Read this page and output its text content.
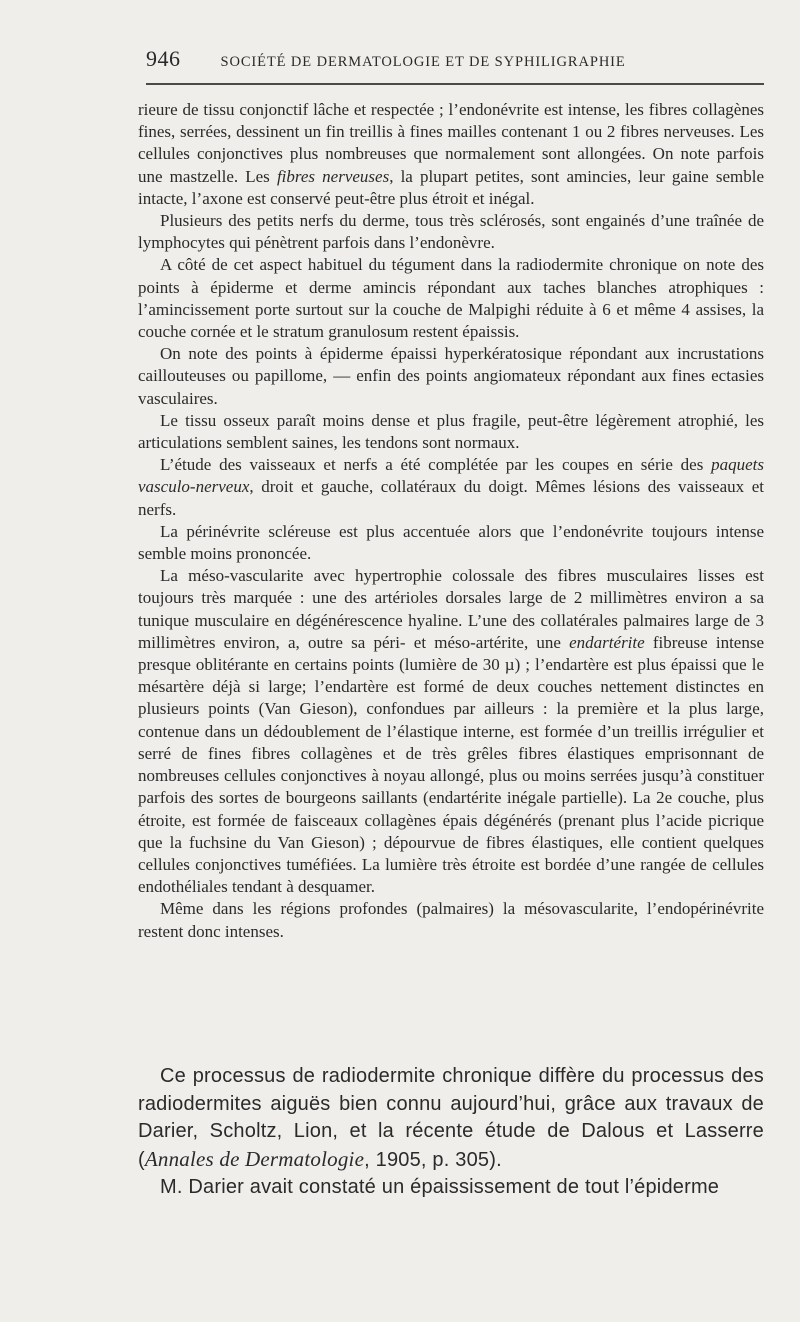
946	SOCIÉTÉ DE DERMATOLOGIE ET DE SYPHILIGRAPHIE

rieure de tissu conjonctif lâche et respectée ; l’endonévrite est intense, les fibres collagènes fines, serrées, dessinent un fin treillis à fines mailles contenant 1 ou 2 fibres nerveuses. Les cellules conjonctives plus nombreuses que normalement sont allongées. On note parfois une mastzelle. Les fibres nerveuses, la plupart petites, sont amincies, leur gaine semble intacte, l’axone est conservé peut-être plus étroit et inégal.

Plusieurs des petits nerfs du derme, tous très sclérosés, sont engainés d’une traînée de lymphocytes qui pénètrent parfois dans l’endonèvre.

A côté de cet aspect habituel du tégument dans la radiodermite chronique on note des points à épiderme et derme amincis répondant aux taches blanches atrophiques : l’amincissement porte surtout sur la couche de Malpighi réduite à 6 et même 4 assises, la couche cornée et le stratum granulosum restent épaissis.

On note des points à épiderme épaissi hyperkératosique répondant aux incrustations caillouteuses ou papillome, — enfin des points angiomateux répondant aux fines ectasies vasculaires.

Le tissu osseux paraît moins dense et plus fragile, peut-être légèrement atrophié, les articulations semblent saines, les tendons sont normaux.

L’étude des vaisseaux et nerfs a été complétée par les coupes en série des paquets vasculo-nerveux, droit et gauche, collatéraux du doigt. Mêmes lésions des vaisseaux et nerfs.

La périnévrite scléreuse est plus accentuée alors que l’endonévrite toujours intense semble moins prononcée.

La méso-vascularite avec hypertrophie colossale des fibres musculaires lisses est toujours très marquée : une des artérioles dorsales large de 2 millimètres environ a sa tunique musculaire en dégénérescence hyaline. L’une des collatérales palmaires large de 3 millimètres environ, a, outre sa péri- et méso-artérite, une endartérite fibreuse intense presque oblitérante en certains points (lumière de 30 µ) ; l’endartère est plus épaissi que le mésartère déjà si large; l’endartère est formé de deux couches nettement distinctes en plusieurs points (Van Gieson), confondues par ailleurs : la première et la plus large, contenue dans un dédoublement de l’élastique interne, est formée d’un treillis irrégulier et serré de fines fibres collagènes et de très grêles fibres élastiques emprisonnant de nombreuses cellules conjonctives à noyau allongé, plus ou moins serrées jusqu’à constituer parfois des sortes de bourgeons saillants (endartérite inégale partielle). La 2e couche, plus étroite, est formée de faisceaux collagènes épais dégénérés (prenant plus l’acide picrique que la fuchsine du Van Gieson) ; dépourvue de fibres élastiques, elle contient quelques cellules conjonctives tuméfiées. La lumière très étroite est bordée d’une rangée de cellules endothéliales tendant à desquamer.

Même dans les régions profondes (palmaires) la mésovascularite, l’endopérinévrite restent donc intenses.

Ce processus de radiodermite chronique diffère du processus des radiodermites aiguës bien connu aujourd’hui, grâce aux travaux de Darier, Scholtz, Lion, et la récente étude de Dalous et Lasserre (Annales de Dermatologie, 1905, p. 305).

M. Darier avait constaté un épaississement de tout l’épiderme
